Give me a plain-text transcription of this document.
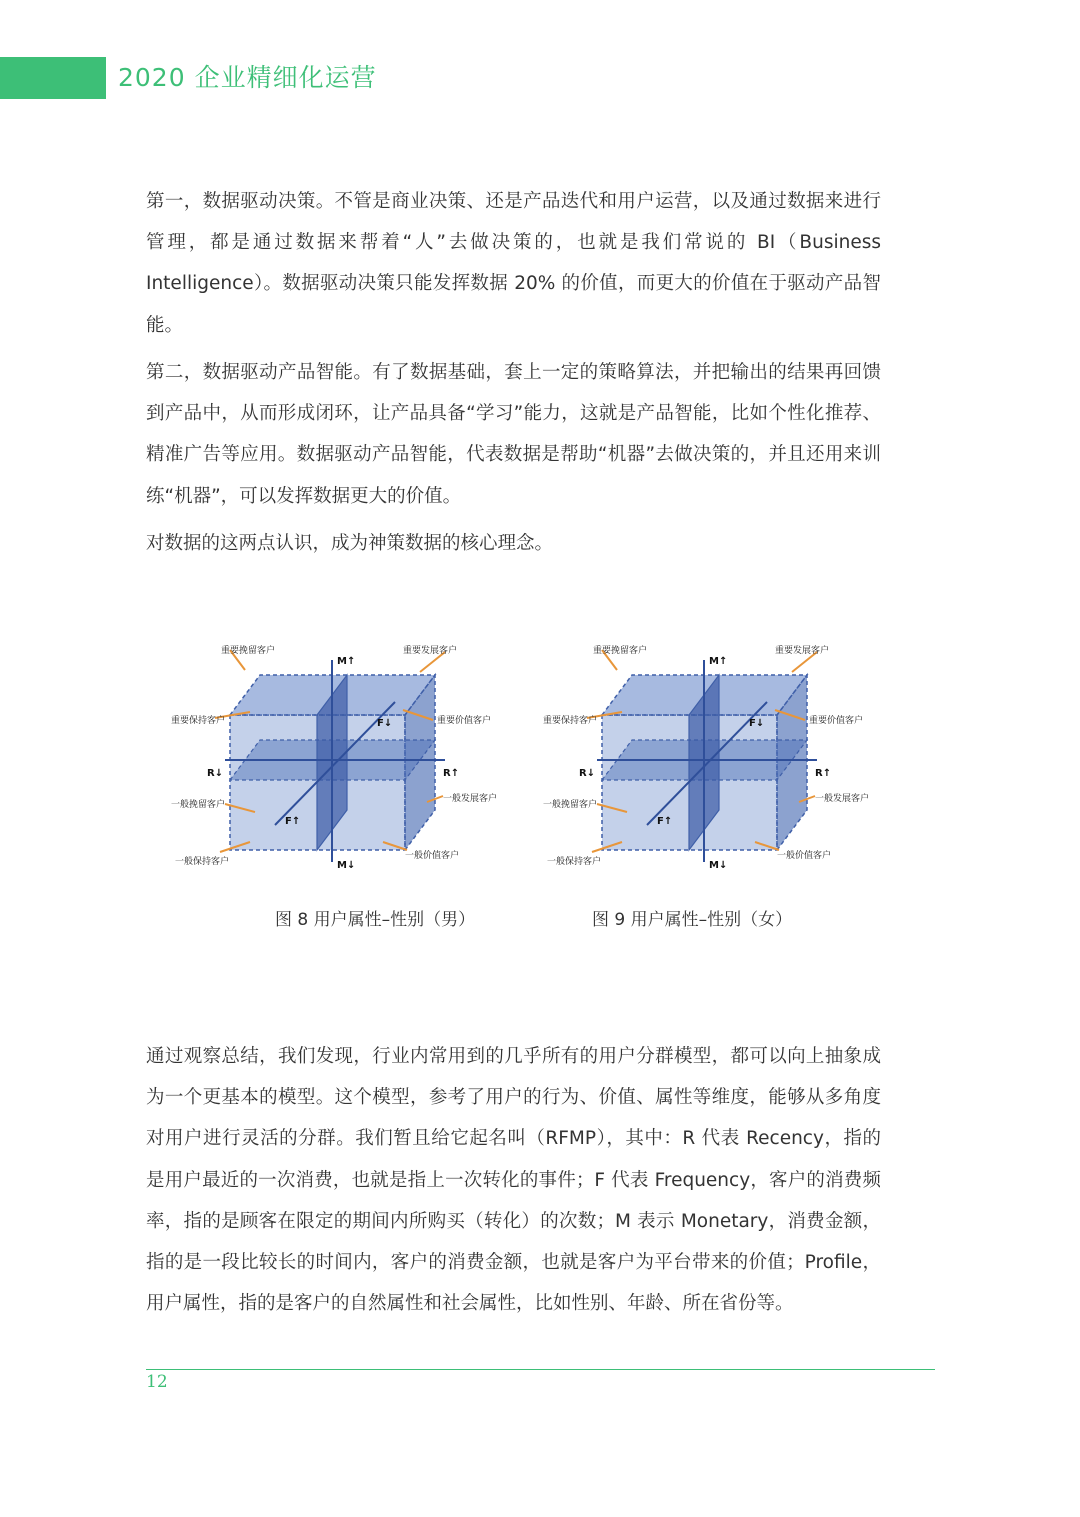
2020 企业精细化运营

第一，数据驱动决策。不管是商业决策、还是产品迭代和用户运营，以及通过数据来进行管理，都是通过数据来帮着“人”去做决策的，也就是我们常说的 BI（Business Intelligence）。数据驱动决策只能发挥数据 20% 的价值，而更大的价值在于驱动产品智能。

第二，数据驱动产品智能。有了数据基础，套上一定的策略算法，并把输出的结果再回馈到产品中，从而形成闭环，让产品具备“学习”能力，这就是产品智能，比如个性化推荐、精准广告等应用。数据驱动产品智能，代表数据是帮助“机器”去做决策的，并且还用来训练“机器”，可以发挥数据更大的价值。

对数据的这两点认识，成为神策数据的核心理念。

重要挽留客户	重要发展客户
重要保持客户	重要价值客户
一般挽留客户
一般发展客户
一般保持客户
一般价值客户
M↑
M↓
R↑
R↓
F↑
F↓
图 8 用户属性–性别（男）
重要挽留客户	重要发展客户
重要保持客户	重要价值客户
一般挽留客户
一般发展客户
一般保持客户
一般价值客户
M↑
M↓
R↑
R↓
F↑
F↓
图 9 用户属性–性别（女）

通过观察总结，我们发现，行业内常用到的几乎所有的用户分群模型，都可以向上抽象成为一个更基本的模型。这个模型，参考了用户的行为、价值、属性等维度，能够从多角度对用户进行灵活的分群。我们暂且给它起名叫（RFMP），其中：R 代表 Recency，指的是用户最近的一次消费，也就是指上一次转化的事件；F 代表 Frequency，客户的消费频率，指的是顾客在限定的期间内所购买（转化）的次数；M 表示 Monetary，消费金额，指的是一段比较长的时间内，客户的消费金额，也就是客户为平台带来的价值；Profile，用户属性，指的是客户的自然属性和社会属性，比如性别、年龄、所在省份等。

12
